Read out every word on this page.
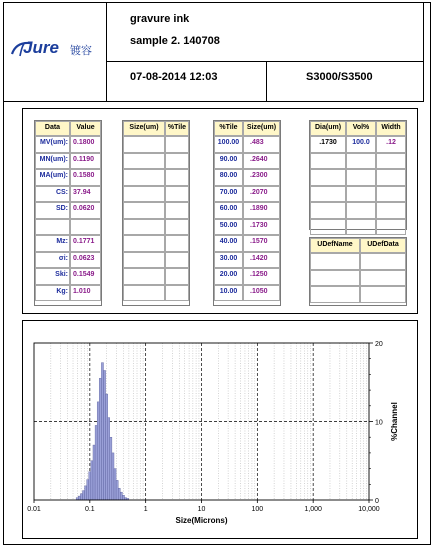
Jure 镀容
gravure ink
sample 2. 140708
07-08-2014 12:03	S3000/S3500
Data	Value
MV(um): 0.1800
MN(um): 0.1190
MA(um): 0.1580
CS: 37.94
SD: 0.0620
Mz: 0.1771
σi: 0.0623
Ski: 0.1549
Kg: 1.010
Size(um)	%Tile	%Tile	Size(um)
100.00	.483
90.00	.2640
80.00	.2300
70.00	.2070
60.00	.1890
50.00	.1730
40.00	.1570
30.00	.1420
20.00	.1250
10.00	.1050
Dia(um)	Vol%	Width
.1730	100.0	.12
UDefName	UDefData
0.01	0.1	1	10	100	1,000	10,000
0
10
20
Size(Microns)
%Channel
